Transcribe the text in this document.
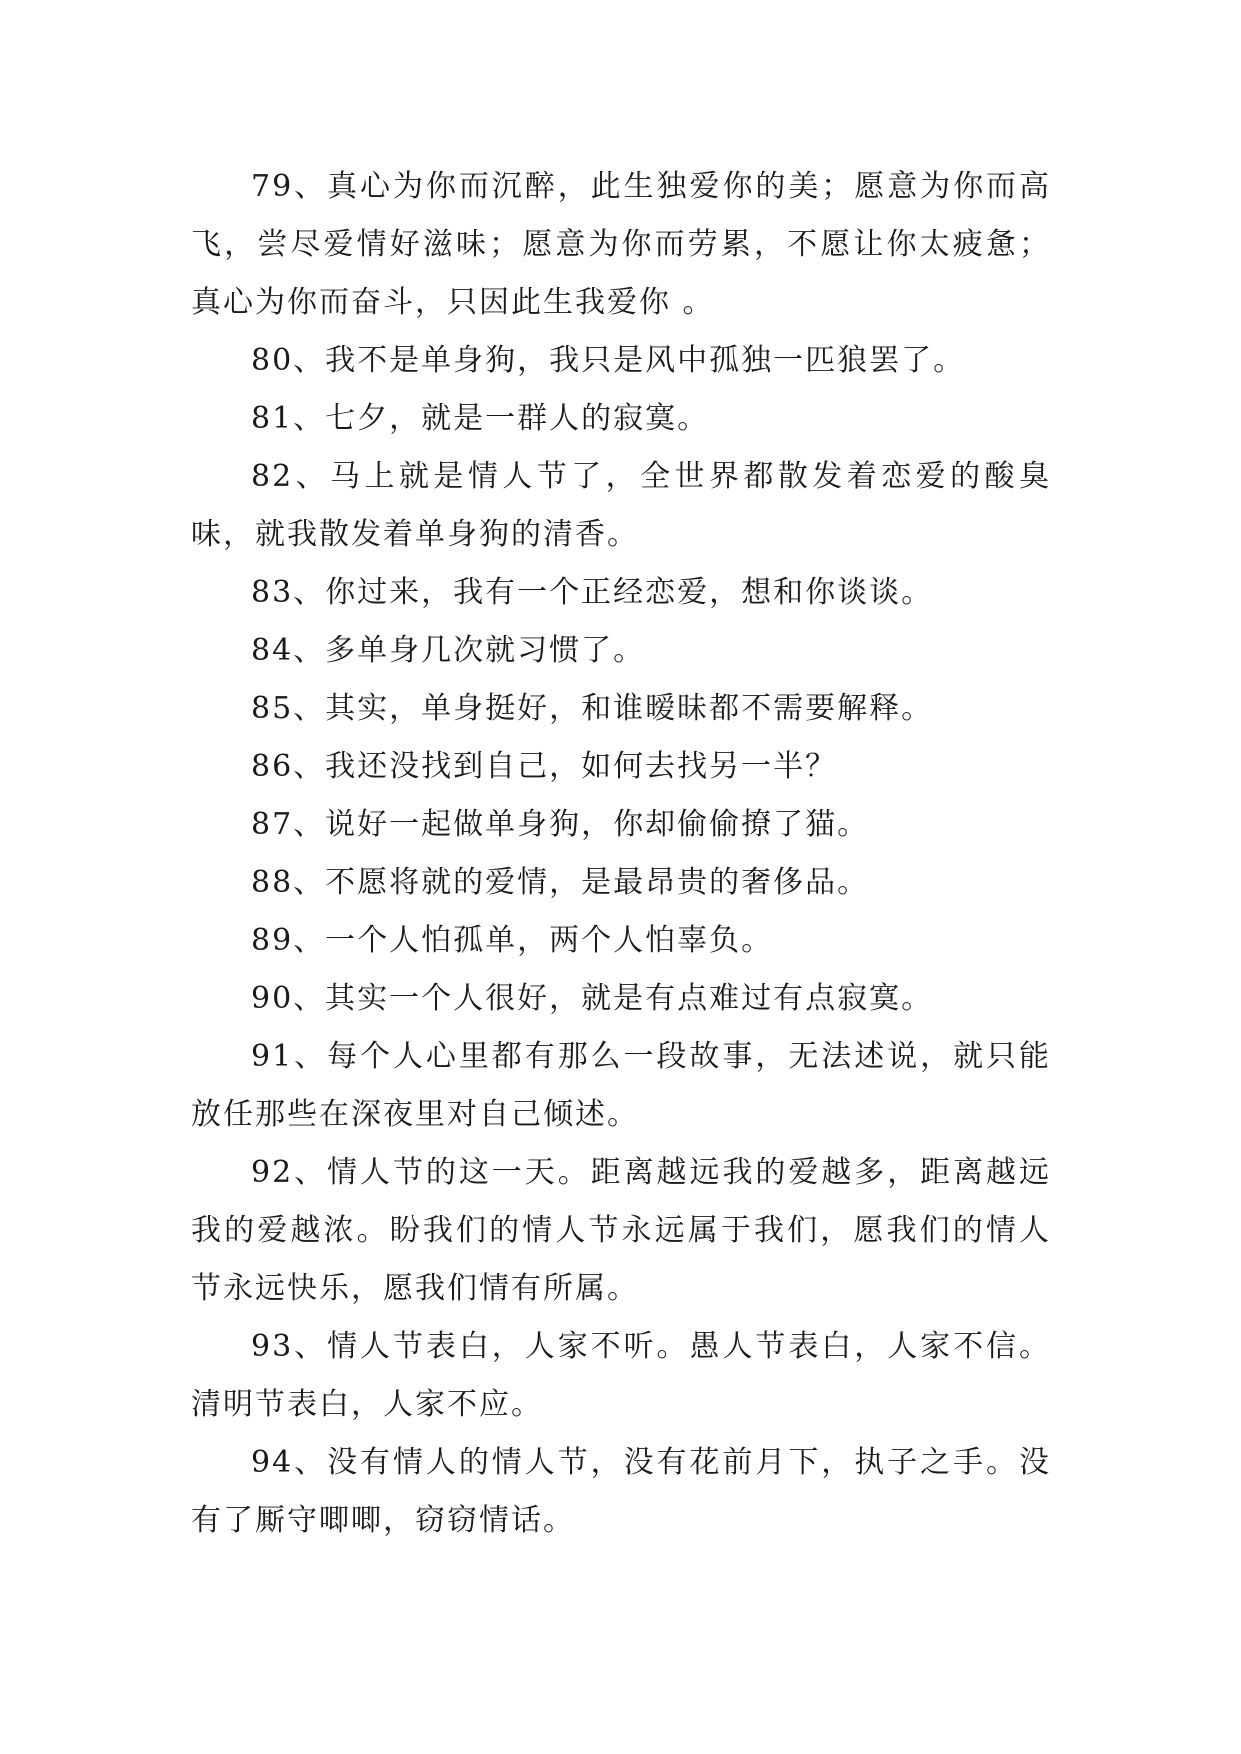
79、真心为你而沉醉，此生独爱你的美；愿意为你而高飞，尝尽爱情好滋味；愿意为你而劳累，不愿让你太疲惫；真心为你而奋斗，只因此生我爱你 。

80、我不是单身狗，我只是风中孤独一匹狼罢了。

81、七夕，就是一群人的寂寞。

82、马上就是情人节了，全世界都散发着恋爱的酸臭味，就我散发着单身狗的清香。

83、你过来，我有一个正经恋爱，想和你谈谈。

84、多单身几次就习惯了。

85、其实，单身挺好，和谁暧昧都不需要解释。

86、我还没找到自己，如何去找另一半？

87、说好一起做单身狗，你却偷偷撩了猫。

88、不愿将就的爱情，是最昂贵的奢侈品。

89、一个人怕孤单，两个人怕辜负。

90、其实一个人很好，就是有点难过有点寂寞。

91、每个人心里都有那么一段故事，无法述说，就只能放任那些在深夜里对自己倾述。

92、情人节的这一天。距离越远我的爱越多，距离越远我的爱越浓。盼我们的情人节永远属于我们，愿我们的情人节永远快乐，愿我们情有所属。

93、情人节表白，人家不听。愚人节表白，人家不信。清明节表白，人家不应。

94、没有情人的情人节，没有花前月下，执子之手。没有了厮守唧唧，窃窃情话。
